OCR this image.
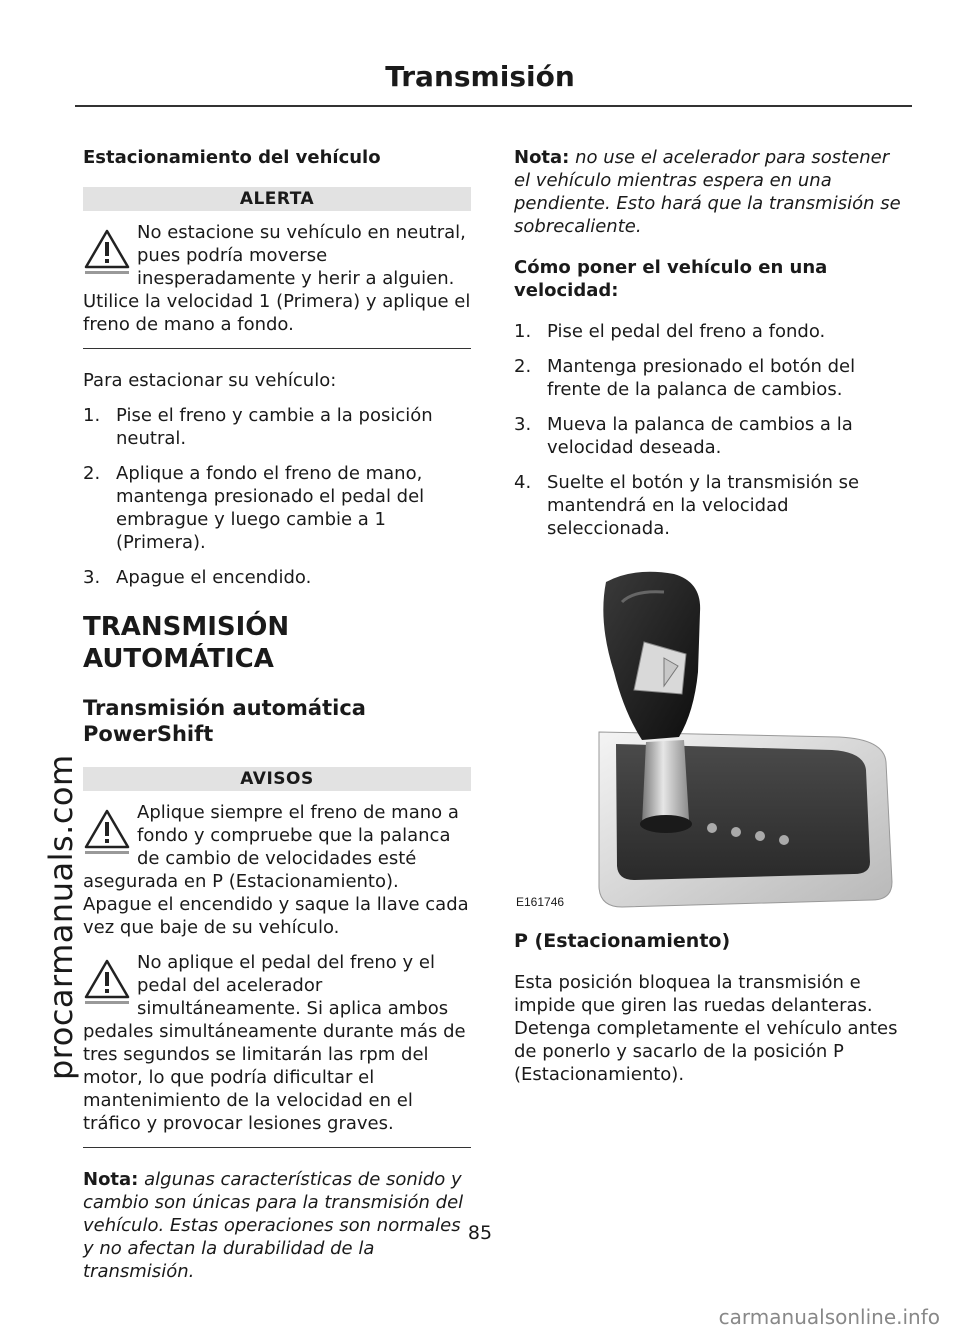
Transmisión
Estacionamiento del vehículo
ALERTA
No estacione su vehículo en neutral, pues podría moverse inesperadamente y herir a alguien. Utilice la velocidad 1 (Primera) y aplique el freno de mano a fondo.

Para estacionar su vehículo:

1. Pise el freno y cambie a la posición neutral.
2. Aplique a fondo el freno de mano, mantenga presionado el pedal del embrague y luego cambie a 1 (Primera).
3. Apague el encendido.
TRANSMISIÓN AUTOMÁTICA
Transmisión automática PowerShift
AVISOS
Aplique siempre el freno de mano a fondo y compruebe que la palanca de cambio de velocidades esté asegurada en P (Estacionamiento). Apague el encendido y saque la llave cada vez que baje de su vehículo.
No aplique el pedal del freno y el pedal del acelerador simultáneamente. Si aplica ambos pedales simultáneamente durante más de tres segundos se limitarán las rpm del motor, lo que podría dificultar el mantenimiento de la velocidad en el tráfico y provocar lesiones graves.

Nota: algunas características de sonido y cambio son únicas para la transmisión del vehículo. Estas operaciones son normales y no afectan la durabilidad de la transmisión.

Nota: no use el acelerador para sostener el vehículo mientras espera en una pendiente. Esto hará que la transmisión se sobrecaliente.

Cómo poner el vehículo en una velocidad:
1. Pise el pedal del freno a fondo.
2. Mantenga presionado el botón del frente de la palanca de cambios.
3. Mueva la palanca de cambios a la velocidad deseada.
4. Suelte el botón y la transmisión se mantendrá en la velocidad seleccionada.
E161746
P (Estacionamiento)

Esta posición bloquea la transmisión e impide que giren las ruedas delanteras. Detenga completamente el vehículo antes de ponerlo y sacarlo de la posición P (Estacionamiento).

85
procarmanuals.com
carmanualsonline.info
